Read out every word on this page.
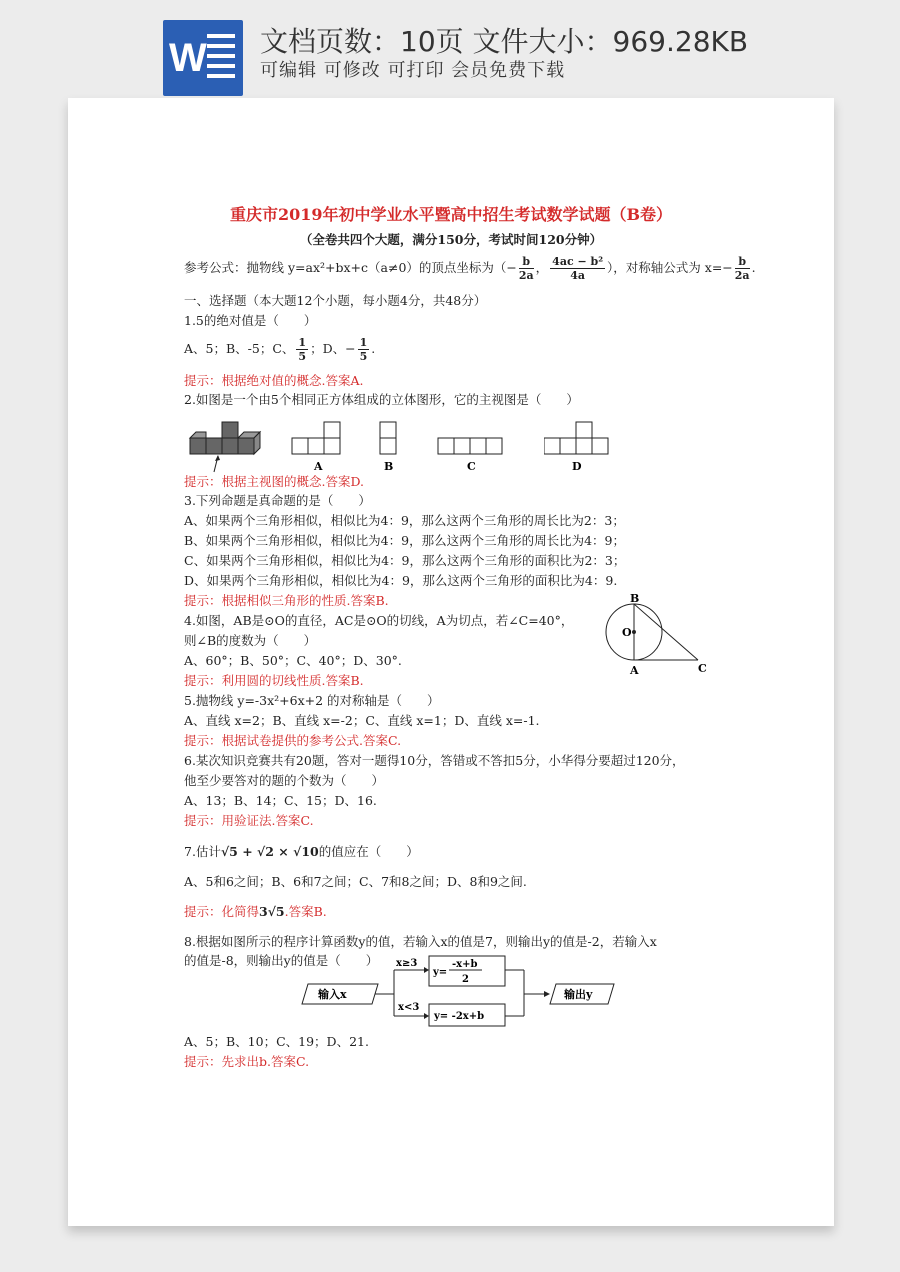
W 文档页数：10页 文件大小：969.28KB
可编辑 可修改 可打印 会员免费下载
重庆市2019年初中学业水平暨高中招生考试数学试题（B卷）
（全卷共四个大题，满分150分，考试时间120分钟）
参考公式：抛物线 y=ax²+bx+c（a≠0）的顶点坐标为（− $\frac{b}{2a}$ ， $\frac{\text{4ac − b²}}{4a}$ ），对称轴公式为 $x=- \frac{b}{2a}$ .
一、选择题（本大题12个小题，每小题4分，共48分）
1.5的绝对值是（　　）
A、5；B、-5；C、 $\frac{1}{5}$ ；D、− $\frac{1}{5}$ .
提示：根据绝对值的概念.答案A.
2.如图是一个由5个相同正方体组成的立体图形，它的主视图是（　　）
A	B	C	D
提示：根据主视图的概念.答案D.
3.下列命题是真命题的是（　　）
A、如果两个三角形相似，相似比为4：9，那么这两个三角形的周长比为2：3；
B、如果两个三角形相似，相似比为4：9，那么这两个三角形的周长比为4：9；
C、如果两个三角形相似，相似比为4：9，那么这两个三角形的面积比为2：3；
D、如果两个三角形相似，相似比为4：9，那么这两个三角形的面积比为4：9.
提示：根据相似三角形的性质.答案B.
4.如图，AB是⊙O的直径，AC是⊙O的切线，A为切点，若∠C=40°，
则∠B的度数为（　　）
A、60°；B、50°；C、40°；D、30°.
提示：利用圆的切线性质.答案B.
B
O
A	C
5.抛物线 y=-3x²+6x+2 的对称轴是（　　）
A、直线 x=2；B、直线 x=-2；C、直线 x=1；D、直线 x=-1.
提示：根据试卷提供的参考公式.答案C.
6.某次知识竞赛共有20题，答对一题得10分，答错或不答扣5分，小华得分要超过120分，
他至少要答对的题的个数为（　　）
A、13；B、14；C、15；D、16.
提示：用验证法.答案C.
7.估计√5 + √2 × √10的值应在（　　）
A、5和6之间；B、6和7之间；C、7和8之间；D、8和9之间.
提示：化简得3√5.答案B.
8.根据如图所示的程序计算函数y的值，若输入x的值是7，则输出y的值是-2，若输入x
的值是-8，则输出y的值是（　　）
输入x
x≥3
x<3
y=
-x+b
2
y= -2x+b
输出y
A、5；B、10；C、19；D、21.
提示：先求出b.答案C.
